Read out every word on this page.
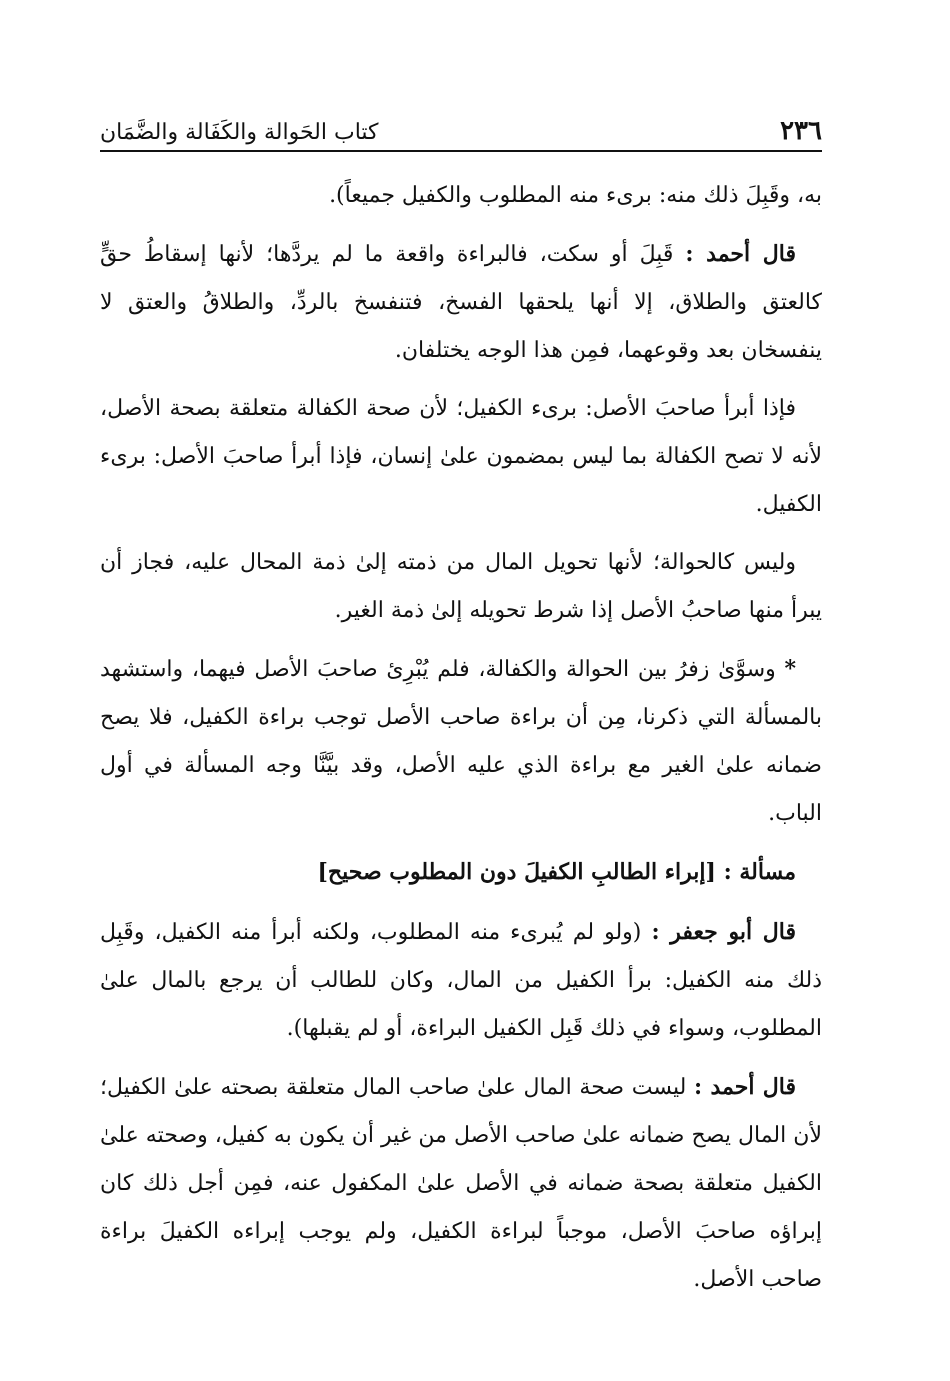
٢٣٦
كتاب الحَوالة والكَفَالة والضَّمَان

به، وقَبِلَ ذلك منه: برىء منه المطلوب والكفيل جميعاً).

قال أحمد : قَبِلَ أو سكت، فالبراءة واقعة ما لم يردَّها؛ لأنها إسقاطُ حقٍّ كالعتق والطلاق، إلا أنها يلحقها الفسخ، فتنفسخ بالردِّ، والطلاقُ والعتق لا ينفسخان بعد وقوعهما، فمِن هذا الوجه يختلفان.

فإذا أبرأ صاحبَ الأصل: برىء الكفيل؛ لأن صحة الكفالة متعلقة بصحة الأصل، لأنه لا تصح الكفالة بما ليس بمضمون علىٰ إنسان، فإذا أبرأ صاحبَ الأصل: برىء الكفيل.

وليس كالحوالة؛ لأنها تحويل المال من ذمته إلىٰ ذمة المحال عليه، فجاز أن يبرأ منها صاحبُ الأصل إذا شرط تحويله إلىٰ ذمة الغير.

* وسوَّىٰ زفرُ بين الحوالة والكفالة، فلم يُبْرِئ صاحبَ الأصل فيهما، واستشهد بالمسألة التي ذكرنا، مِن أن براءة صاحب الأصل توجب براءة الكفيل، فلا يصح ضمانه علىٰ الغير مع براءة الذي عليه الأصل، وقد بيَّنَّا وجه المسألة في أول الباب.

مسألة : [إبراء الطالبِ الكفيلَ دون المطلوب صحيح]

قال أبو جعفر : (ولو لم يُبرىء منه المطلوب، ولكنه أبرأ منه الكفيل، وقَبِل ذلك منه الكفيل: برأ الكفيل من المال، وكان للطالب أن يرجع بالمال علىٰ المطلوب، وسواء في ذلك قَبِل الكفيل البراءة، أو لم يقبلها).

قال أحمد : ليست صحة المال علىٰ صاحب المال متعلقة بصحته علىٰ الكفيل؛ لأن المال يصح ضمانه علىٰ صاحب الأصل من غير أن يكون به كفيل، وصحته علىٰ الكفيل متعلقة بصحة ضمانه في الأصل علىٰ المكفول عنه، فمِن أجل ذلك كان إبراؤه صاحبَ الأصل، موجباً لبراءة الكفيل، ولم يوجب إبراءه الكفيلَ براءة صاحب الأصل.
